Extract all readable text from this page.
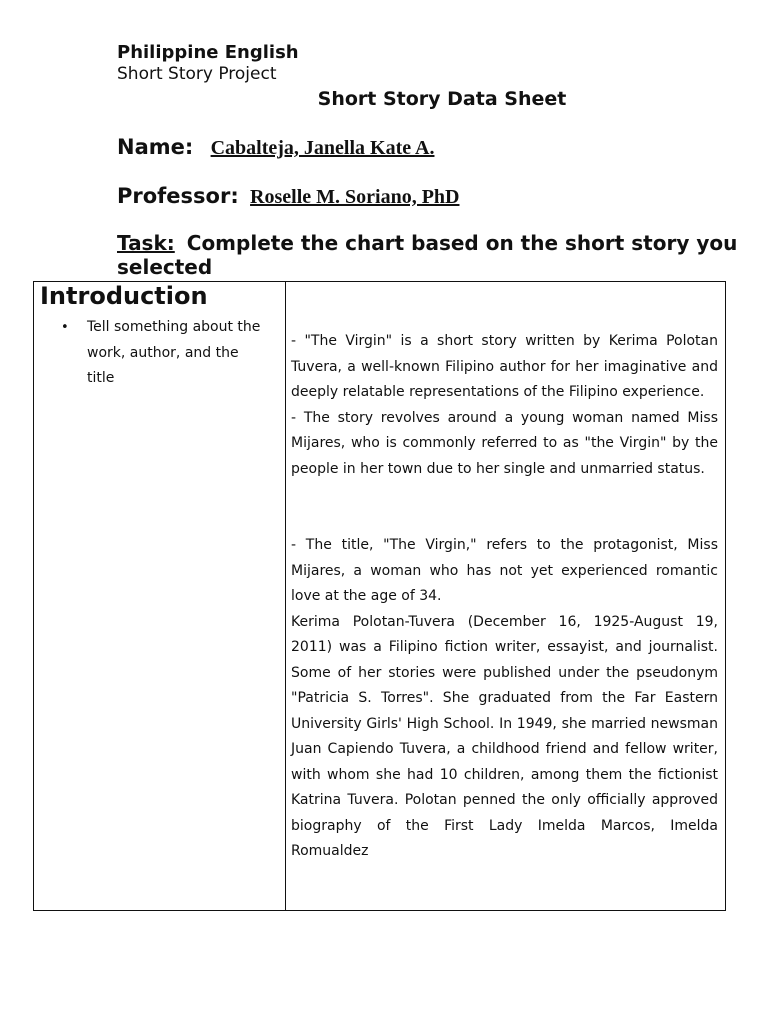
Philippine English
Short Story Project
Short Story Data Sheet
Name: Cabalteja, Janella Kate A.
Professor: Roselle M. Soriano, PhD

Task: Complete the chart based on the short story you selected

Introduction
• Tell something about the work, author, and the title

- "The Virgin" is a short story written by Kerima Polotan Tuvera, a well-known Filipino author for her imaginative and deeply relatable representations of the Filipino experience.

- The story revolves around a young woman named Miss Mijares, who is commonly referred to as "the Virgin" by the people in her town due to her single and unmarried status.

- The title, "The Virgin," refers to the protagonist, Miss Mijares, a woman who has not yet experienced romantic love at the age of 34.

Kerima Polotan-Tuvera (December 16, 1925-August 19, 2011) was a Filipino fiction writer, essayist, and journalist. Some of her stories were published under the pseudonym "Patricia S. Torres". She graduated from the Far Eastern University Girls' High School. In 1949, she married newsman Juan Capiendo Tuvera, a childhood friend and fellow writer, with whom she had 10 children, among them the fictionist Katrina Tuvera. Polotan penned the only officially approved biography of the First Lady Imelda Marcos, Imelda Romualdez
